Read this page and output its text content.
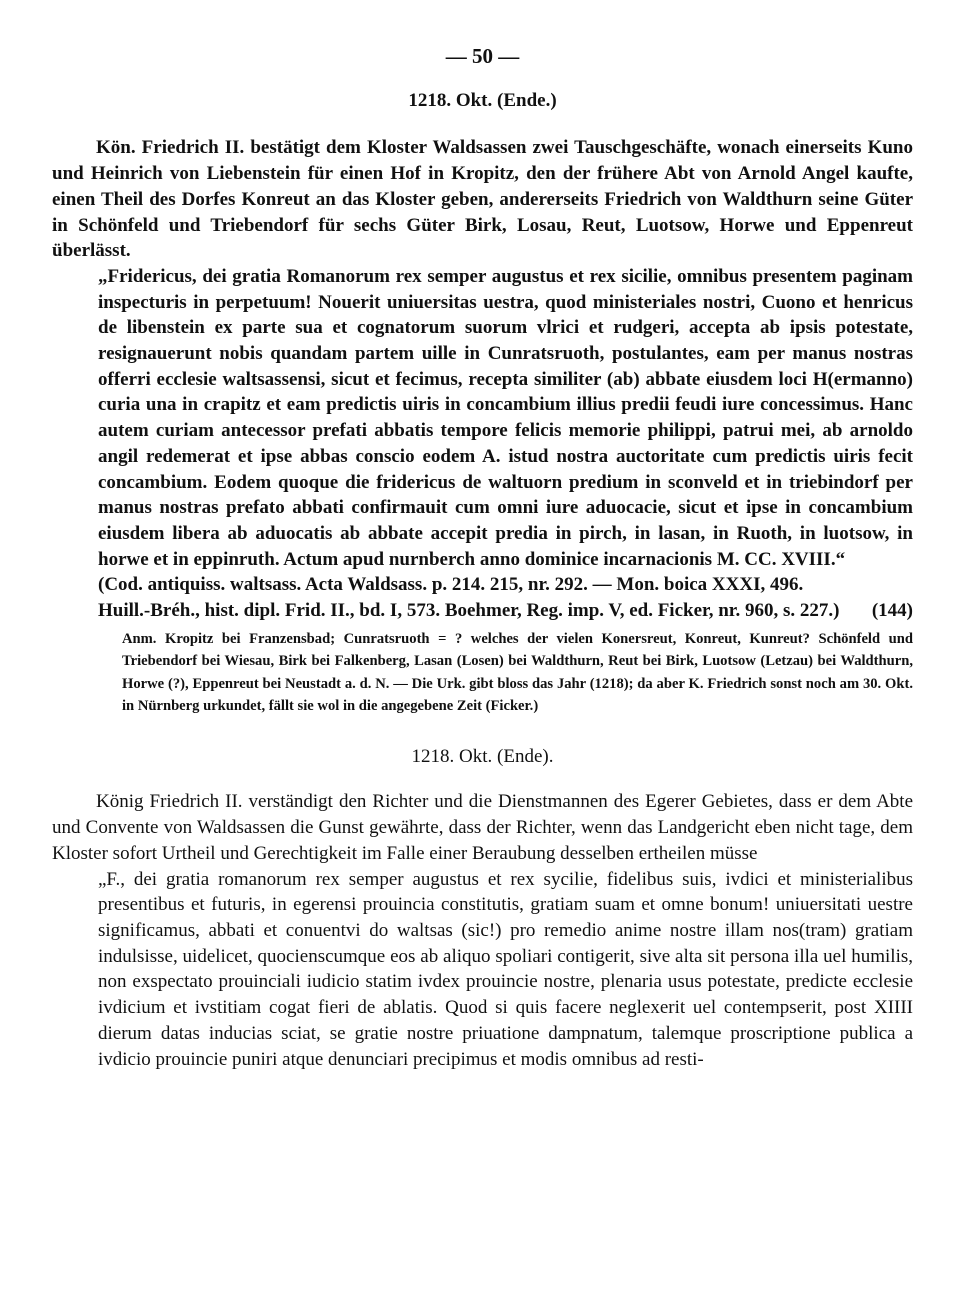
— 50 —
1218. Okt. (Ende.)
Kön. Friedrich II. bestätigt dem Kloster Waldsassen zwei Tauschgeschäfte, wonach einerseits Kuno und Heinrich von Liebenstein für einen Hof in Kropitz, den der frühere Abt von Arnold Angel kaufte, einen Theil des Dorfes Konreut an das Kloster geben, andererseits Friedrich von Waldthurn seine Güter in Schönfeld und Triebendorf für sechs Güter Birk, Losau, Reut, Luotsow, Horwe und Eppenreut überlässt.
„Fridericus, dei gratia Romanorum rex semper augustus et rex sicilie, omnibus presentem paginam inspecturis in perpetuum! Nouerit uniuersitas uestra, quod ministeriales nostri, Cuono et henricus de libenstein ex parte sua et cognatorum suorum vlrici et rudgeri, accepta ab ipsis potestate, resignauerunt nobis quandam partem uille in Cunratsruoth, postulantes, eam per manus nostras offerri ecclesie waltsassensi, sicut et fecimus, recepta similiter (ab) abbate eiusdem loci H(ermanno) curia una in crapitz et eam predictis uiris in concambium illius predii feudi iure concessimus. Hanc autem curiam antecessor prefati abbatis tempore felicis memorie philippi, patrui mei, ab arnoldo angil redemerat et ipse abbas conscio eodem A. istud nostra auctoritate cum predictis uiris fecit concambium. Eodem quoque die fridericus de waltuorn predium in sconveld et in triebindorf per manus nostras prefato abbati confirmauit cum omni iure aduocacie, sicut et ipse in concambium eiusdem libera ab aduocatis ab abbate accepit predia in pirch, in lasan, in Ruoth, in luotsow, in horwe et in eppinruth. Actum apud nurnberch anno dominice incarnacionis M. CC. XVIII.“
(Cod. antiquiss. waltsass. Acta Waldsass. p. 214. 215, nr. 292. — Mon. boica XXXI, 496. Huill.-Bréh., hist. dipl. Frid. II., bd. I, 573. Boehmer, Reg. imp. V, ed. Ficker, nr. 960, s. 227.)	(144)
Anm. Kropitz bei Franzensbad; Cunratsruoth = ? welches der vielen Konersreut, Konreut, Kunreut? Schönfeld und Triebendorf bei Wiesau, Birk bei Falkenberg, Lasan (Losen) bei Waldthurn, Reut bei Birk, Luotsow (Letzau) bei Waldthurn, Horwe (?), Eppenreut bei Neustadt a. d. N. — Die Urk. gibt bloss das Jahr (1218); da aber K. Friedrich sonst noch am 30. Okt. in Nürnberg urkundet, fällt sie wol in die angegebene Zeit (Ficker.)
1218. Okt. (Ende).
König Friedrich II. verständigt den Richter und die Dienstmannen des Egerer Gebietes, dass er dem Abte und Convente von Waldsassen die Gunst gewährte, dass der Richter, wenn das Landgericht eben nicht tage, dem Kloster sofort Urtheil und Gerechtigkeit im Falle einer Beraubung desselben ertheilen müsse
„F., dei gratia romanorum rex semper augustus et rex sycilie, fidelibus suis, ivdici et ministerialibus presentibus et futuris, in egerensi prouincia constitutis, gratiam suam et omne bonum! uniuersitati uestre significamus, abbati et conuentvi do waltsas (sic!) pro remedio anime nostre illam nos(tram) gratiam indulsisse, uidelicet, quocienscumque eos ab aliquo spoliari contigerit, sive alta sit persona illa uel humilis, non exspectato prouinciali iudicio statim ivdex prouincie nostre, plenaria usus potestate, predicte ecclesie ivdicium et ivstitiam cogat fieri de ablatis. Quod si quis facere neglexerit uel contempserit, post XIIII dierum datas inducias sciat, se gratie nostre priuatione dampnatum, talemque proscriptione publica a ivdicio prouincie puniri atque denunciari precipimus et modis omnibus ad resti-
